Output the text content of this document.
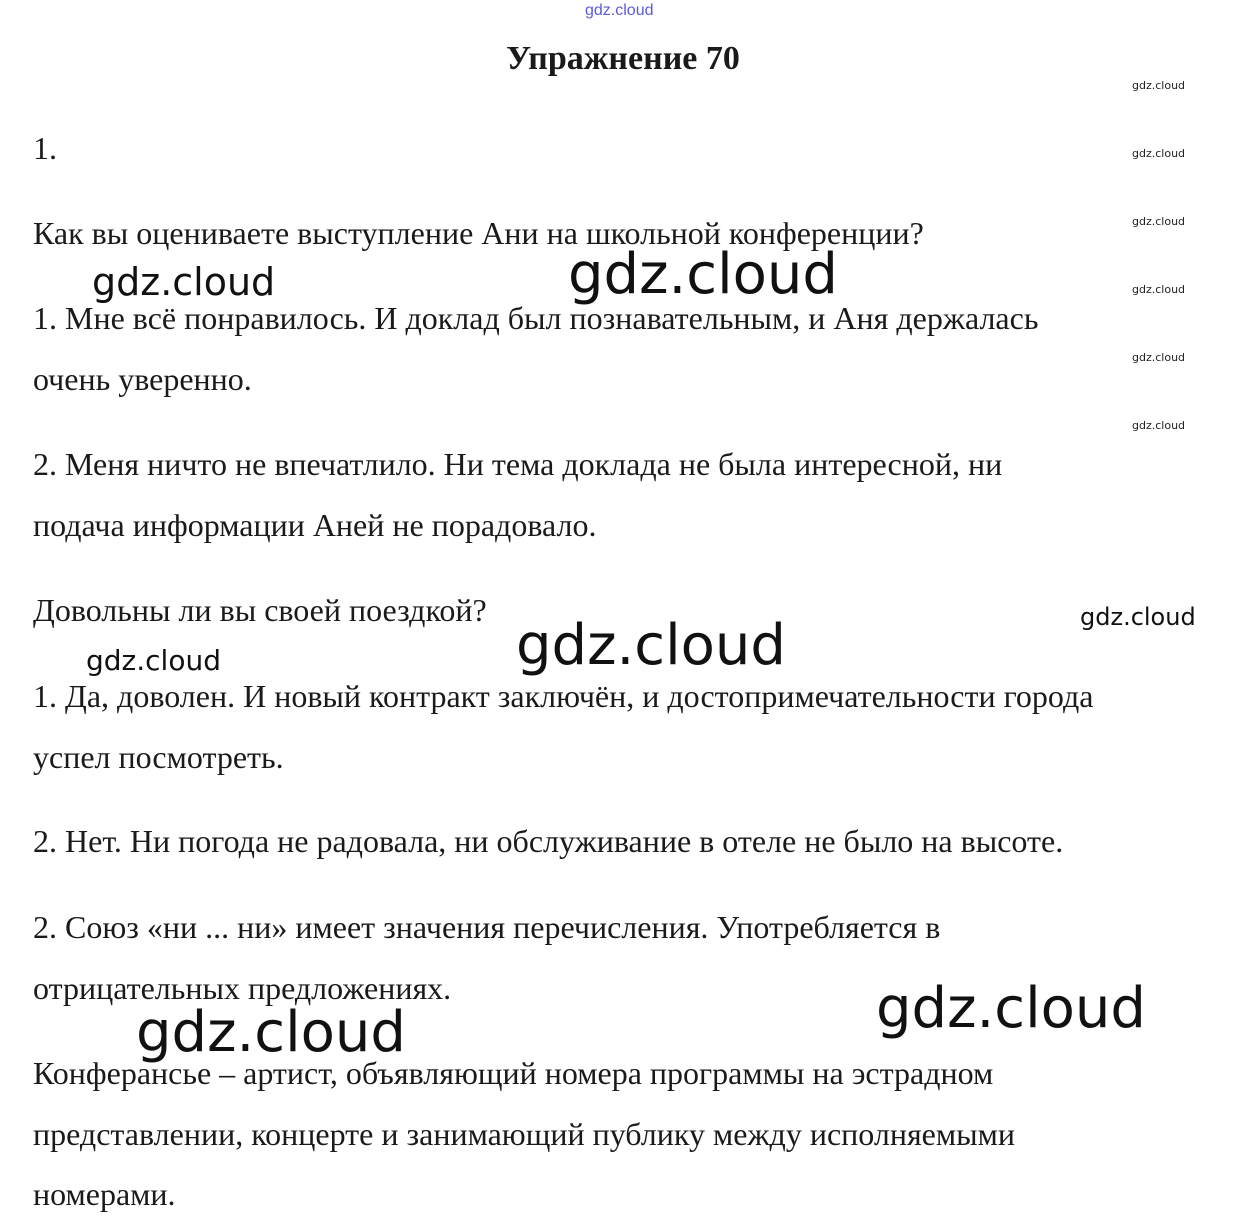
gdz.cloud
Упражнение 70
gdz.cloud
gdz.cloud
gdz.cloud
gdz.cloud
gdz.cloud
gdz.cloud
1.
Как вы оцениваете выступление Ани на школьной конференции?
gdz.cloud	gdz.cloud
1. Мне всё понравилось. И доклад был познавательным, и Аня держалась
очень уверенно.
2. Меня ничто не впечатлило. Ни тема доклада не была интересной, ни
подача информации Аней не порадовало.
Довольны ли вы своей поездкой?	gdz.cloud
gdz.cloud
gdz.cloud
1. Да, доволен. И новый контракт заключён, и достопримечательности города
успел посмотреть.
2. Нет. Ни погода не радовала, ни обслуживание в отеле не было на высоте.
2. Союз «ни ... ни» имеет значения перечисления. Употребляется в
отрицательных предложениях.	gdz.cloud
gdz.cloud
Конферансье – артист, объявляющий номера программы на эстрадном
представлении, концерте и занимающий публику между исполняемыми
номерами.
